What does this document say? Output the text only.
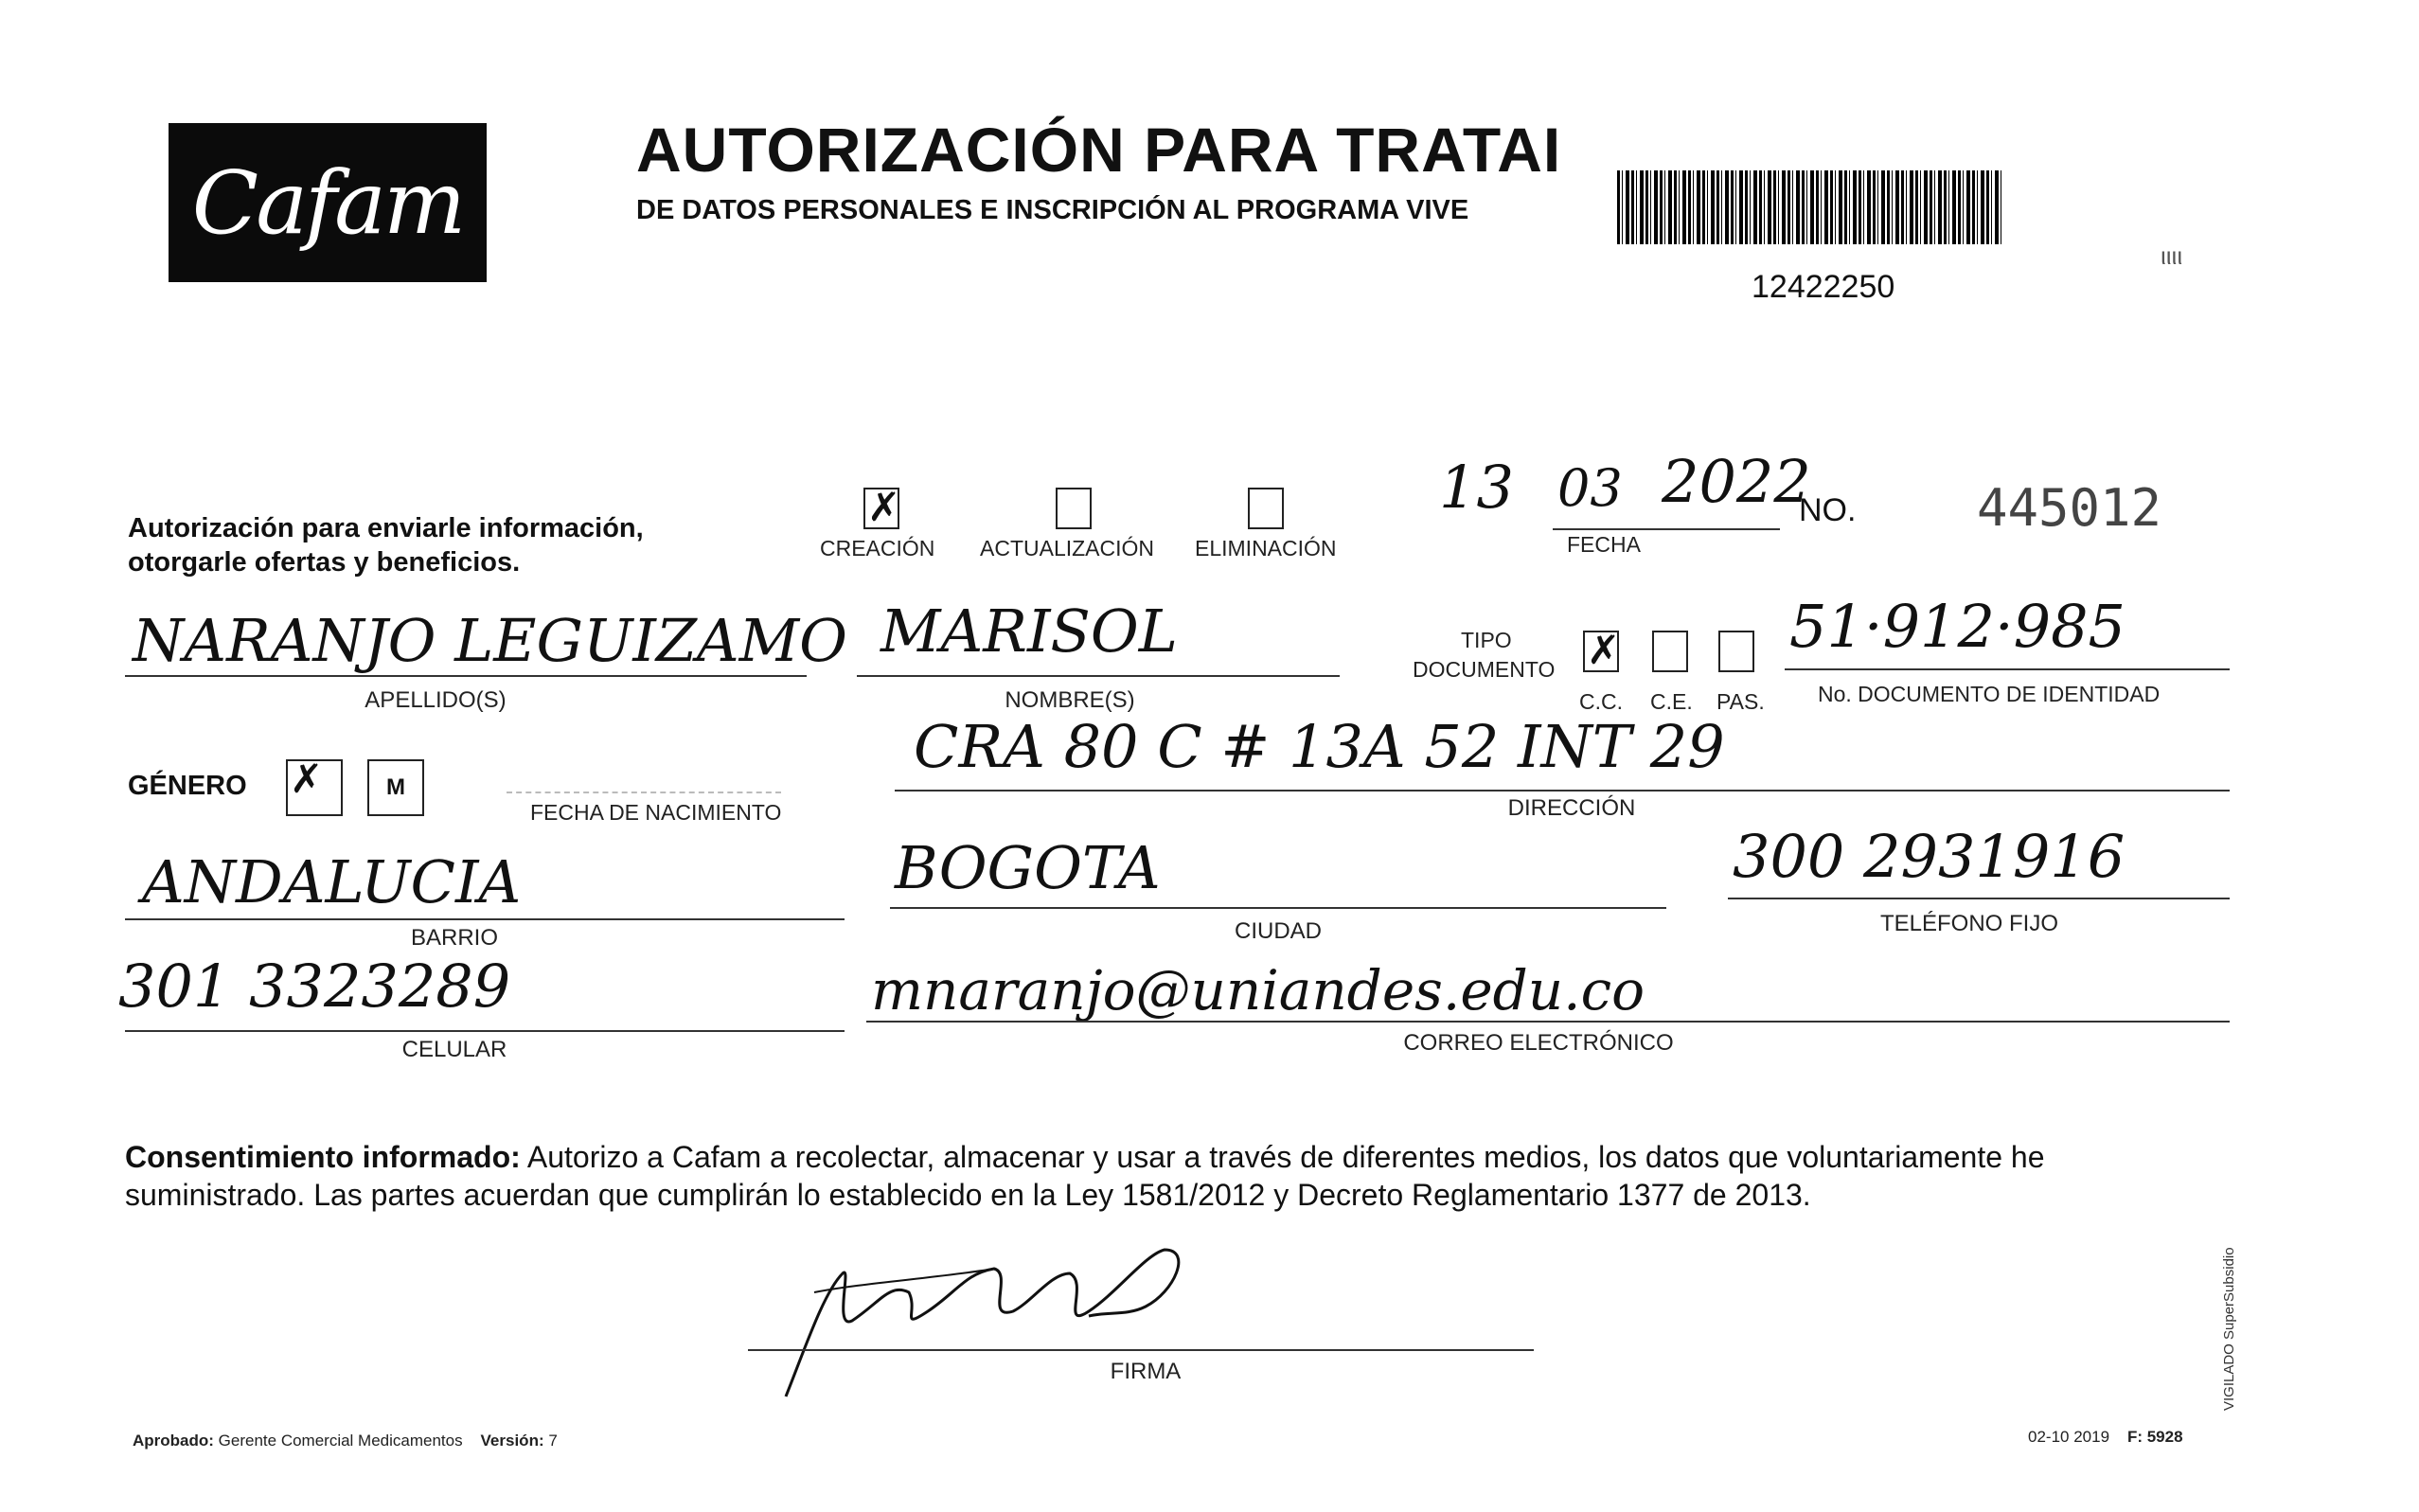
Cafam
AUTORIZACIÓN PARA TRATAI
DE DATOS PERSONALES E INSCRIPCIÓN AL PROGRAMA VIVE
12422250
ιιιι
Autorización para enviarle información, otorgarle ofertas y beneficios.
✗	CREACIÓN ACTUALIZACIÓN ELIMINACIÓN
13 03 2022
FECHA
NO. 445012
NARANJO LEGUIZAMO
APELLIDO(S)
MARISOL
NOMBRE(S)
TIPO
DOCUMENTO
✗
C.C. C.E. PAS.
51·912·985
No. DOCUMENTO DE IDENTIDAD
GÉNERO
✗	M
FECHA DE NACIMIENTO
CRA 80 C # 13A 52 INT 29
DIRECCIÓN
ANDALUCIA
BARRIO
BOGOTA
CIUDAD
300 2931916
TELÉFONO FIJO
301 3323289
CELULAR
mnaranjo@uniandes.edu.co
CORREO ELECTRÓNICO
Consentimiento informado: Autorizo a Cafam a recolectar, almacenar y usar a través de diferentes medios, los datos que voluntariamente he suministrado. Las partes acuerdan que cumplirán lo establecido en la Ley 1581/2012 y Decreto Reglamentario 1377 de 2013.
FIRMA
Aprobado: Gerente Comercial Medicamentos Versión: 7	02-10 2019 F: 5928
VIGILADO SuperSubsidio
